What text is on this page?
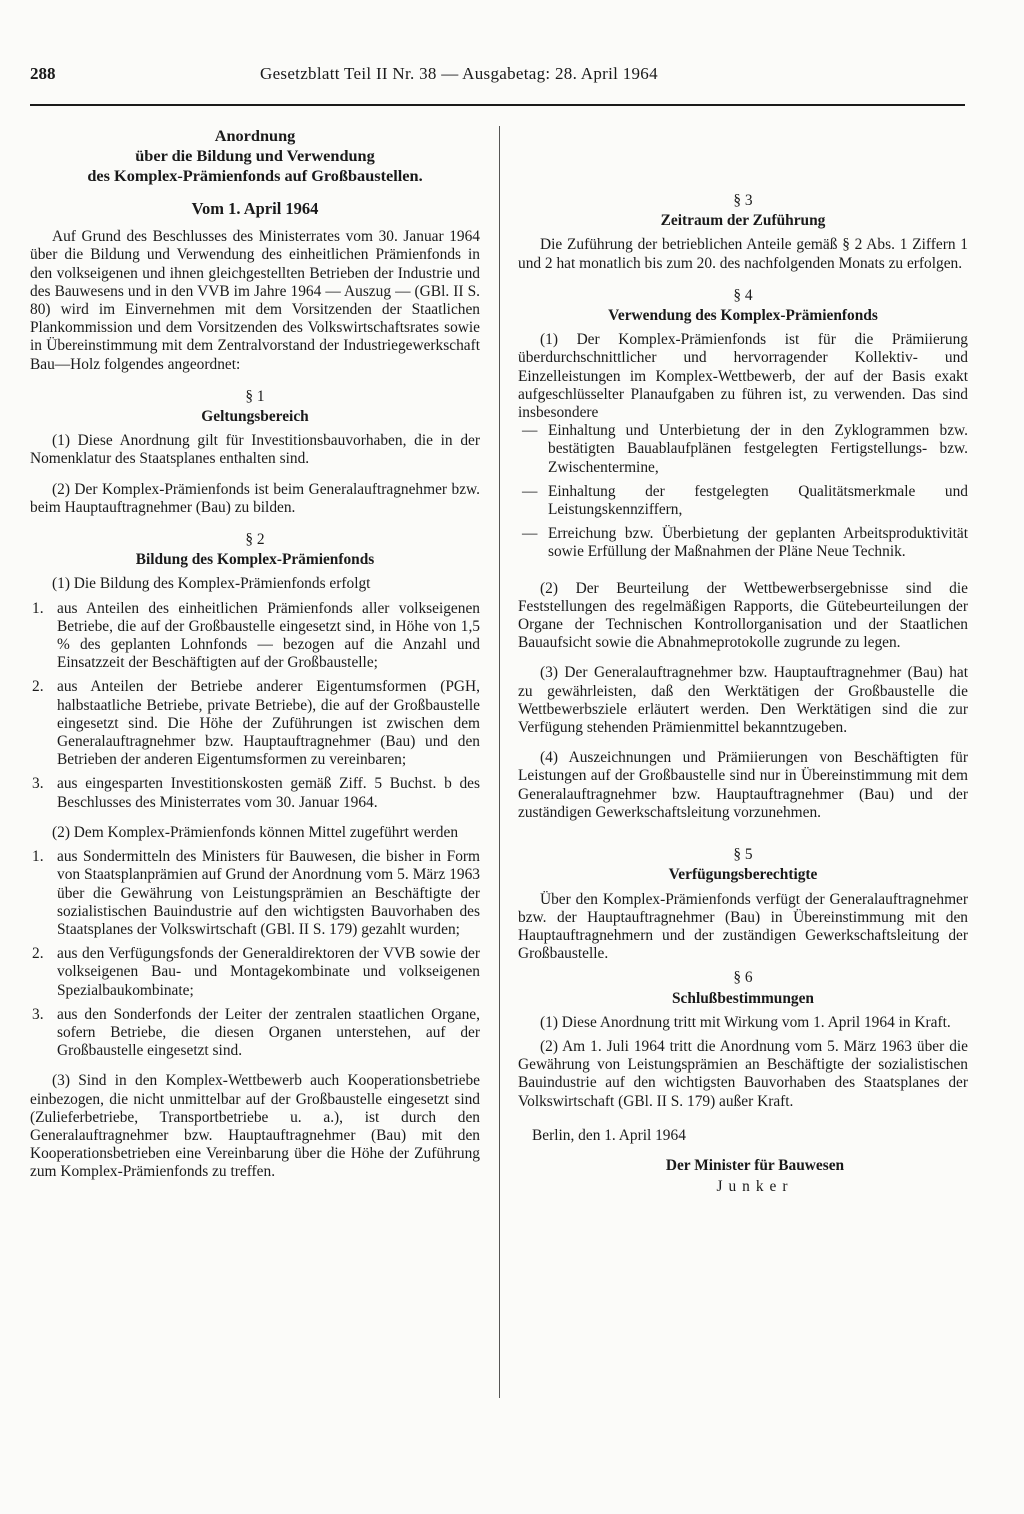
288	Gesetzblatt Teil II Nr. 38 — Ausgabetag: 28. April 1964

Anordnung

über die Bildung und Verwendung

des Komplex-Prämienfonds auf Großbaustellen.

Vom 1. April 1964

Auf Grund des Beschlusses des Ministerrates vom 30. Januar 1964 über die Bildung und Verwendung des einheitlichen Prämienfonds in den volkseigenen und ihnen gleichgestellten Betrieben der Industrie und des Bauwesens und in den VVB im Jahre 1964 — Auszug — (GBl. II S. 80) wird im Einvernehmen mit dem Vorsitzenden der Staatlichen Plankommission und dem Vorsitzenden des Volkswirtschaftsrates sowie in Übereinstimmung mit dem Zentralvorstand der Industriegewerkschaft Bau—Holz folgendes angeordnet:

§ 1

Geltungsbereich

(1) Diese Anordnung gilt für Investitionsbauvorhaben, die in der Nomenklatur des Staatsplanes enthalten sind.

(2) Der Komplex-Prämienfonds ist beim Generalauftragnehmer bzw. beim Hauptauftragnehmer (Bau) zu bilden.

§ 2

Bildung des Komplex-Prämienfonds

(1) Die Bildung des Komplex-Prämienfonds erfolgt

1. aus Anteilen des einheitlichen Prämienfonds aller volkseigenen Betriebe, die auf der Großbaustelle eingesetzt sind, in Höhe von 1,5 % des geplanten Lohnfonds — bezogen auf die Anzahl und Einsatzzeit der Beschäftigten auf der Großbaustelle;
2. aus Anteilen der Betriebe anderer Eigentumsformen (PGH, halbstaatliche Betriebe, private Betriebe), die auf der Großbaustelle eingesetzt sind. Die Höhe der Zuführungen ist zwischen dem Generalauftragnehmer bzw. Hauptauftragnehmer (Bau) und den Betrieben der anderen Eigentumsformen zu vereinbaren;
3. aus eingesparten Investitionskosten gemäß Ziff. 5 Buchst. b des Beschlusses des Ministerrates vom 30. Januar 1964.

(2) Dem Komplex-Prämienfonds können Mittel zugeführt werden

1. aus Sondermitteln des Ministers für Bauwesen, die bisher in Form von Staatsplanprämien auf Grund der Anordnung vom 5. März 1963 über die Gewährung von Leistungsprämien an Beschäftigte der sozialistischen Bauindustrie auf den wichtigsten Bauvorhaben des Staatsplanes der Volkswirtschaft (GBl. II S. 179) gezahlt wurden;
2. aus den Verfügungsfonds der Generaldirektoren der VVB sowie der volkseigenen Bau- und Montagekombinate und volkseigenen Spezialbaukombinate;
3. aus den Sonderfonds der Leiter der zentralen staatlichen Organe, sofern Betriebe, die diesen Organen unterstehen, auf der Großbaustelle eingesetzt sind.

(3) Sind in den Komplex-Wettbewerb auch Kooperationsbetriebe einbezogen, die nicht unmittelbar auf der Großbaustelle eingesetzt sind (Zulieferbetriebe, Transportbetriebe u. a.), ist durch den Generalauftragnehmer bzw. Hauptauftragnehmer (Bau) mit den Kooperationsbetrieben eine Vereinbarung über die Höhe der Zuführung zum Komplex-Prämienfonds zu treffen.

§ 3

Zeitraum der Zuführung

Die Zuführung der betrieblichen Anteile gemäß § 2 Abs. 1 Ziffern 1 und 2 hat monatlich bis zum 20. des nachfolgenden Monats zu erfolgen.

§ 4

Verwendung des Komplex-Prämienfonds

(1) Der Komplex-Prämienfonds ist für die Prämiierung überdurchschnittlicher und hervorragender Kollektiv- und Einzelleistungen im Komplex-Wettbewerb, der auf der Basis exakt aufgeschlüsselter Planaufgaben zu führen ist, zu verwenden. Das sind insbesondere

— Einhaltung und Unterbietung der in den Zyklogrammen bzw. bestätigten Bauablaufplänen festgelegten Fertigstellungs- bzw. Zwischentermine,
— Einhaltung der festgelegten Qualitätsmerkmale und Leistungskennziffern,
— Erreichung bzw. Überbietung der geplanten Arbeitsproduktivität sowie Erfüllung der Maßnahmen der Pläne Neue Technik.

(2) Der Beurteilung der Wettbewerbsergebnisse sind die Feststellungen des regelmäßigen Rapports, die Gütebeurteilungen der Organe der Technischen Kontrollorganisation und der Staatlichen Bauaufsicht sowie die Abnahmeprotokolle zugrunde zu legen.

(3) Der Generalauftragnehmer bzw. Hauptauftragnehmer (Bau) hat zu gewährleisten, daß den Werktätigen der Großbaustelle die Wettbewerbsziele erläutert werden. Den Werktätigen sind die zur Verfügung stehenden Prämienmittel bekanntzugeben.

(4) Auszeichnungen und Prämiierungen von Beschäftigten für Leistungen auf der Großbaustelle sind nur in Übereinstimmung mit dem Generalauftragnehmer bzw. Hauptauftragnehmer (Bau) und der zuständigen Gewerkschaftsleitung vorzunehmen.

§ 5

Verfügungsberechtigte

Über den Komplex-Prämienfonds verfügt der Generalauftragnehmer bzw. der Hauptauftragnehmer (Bau) in Übereinstimmung mit den Hauptauftragnehmern und der zuständigen Gewerkschaftsleitung der Großbaustelle.

§ 6

Schlußbestimmungen

(1) Diese Anordnung tritt mit Wirkung vom 1. April 1964 in Kraft.

(2) Am 1. Juli 1964 tritt die Anordnung vom 5. März 1963 über die Gewährung von Leistungsprämien an Beschäftigte der sozialistischen Bauindustrie auf den wichtigsten Bauvorhaben des Staatsplanes der Volkswirtschaft (GBl. II S. 179) außer Kraft.

Berlin, den 1. April 1964

Der Minister für Bauwesen

Junker
